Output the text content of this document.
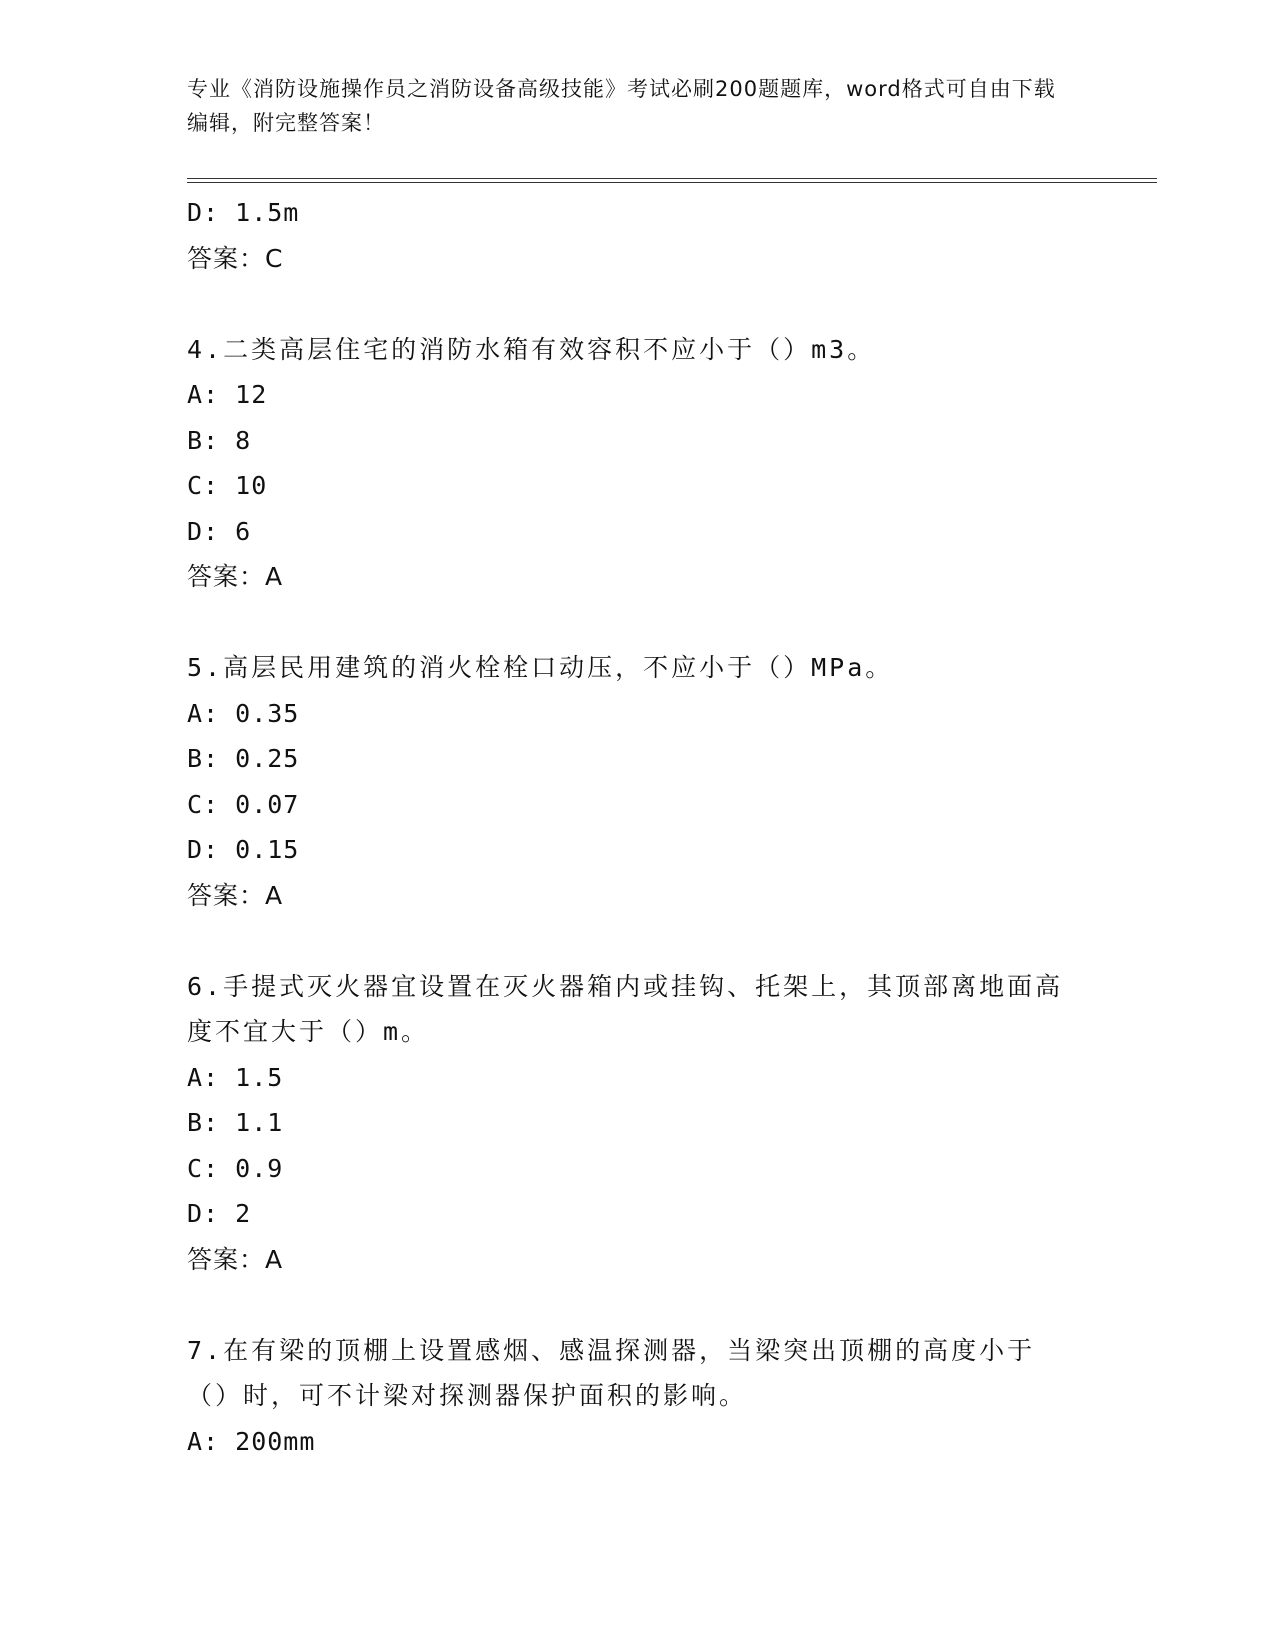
专业《消防设施操作员之消防设备高级技能》考试必刷200题题库，word格式可自由下载编辑，附完整答案！
D: 1.5m
答案：C
4.二类高层住宅的消防水箱有效容积不应小于（）m3。
A: 12
B: 8
C: 10
D: 6
答案：A
5.高层民用建筑的消火栓栓口动压，不应小于（）MPa。
A: 0.35
B: 0.25
C: 0.07
D: 0.15
答案：A
6.手提式灭火器宜设置在灭火器箱内或挂钩、托架上，其顶部离地面高度不宜大于（）m。
A: 1.5
B: 1.1
C: 0.9
D: 2
答案：A
7.在有梁的顶棚上设置感烟、感温探测器，当梁突出顶棚的高度小于（）时，可不计梁对探测器保护面积的影响。
A: 200mm
